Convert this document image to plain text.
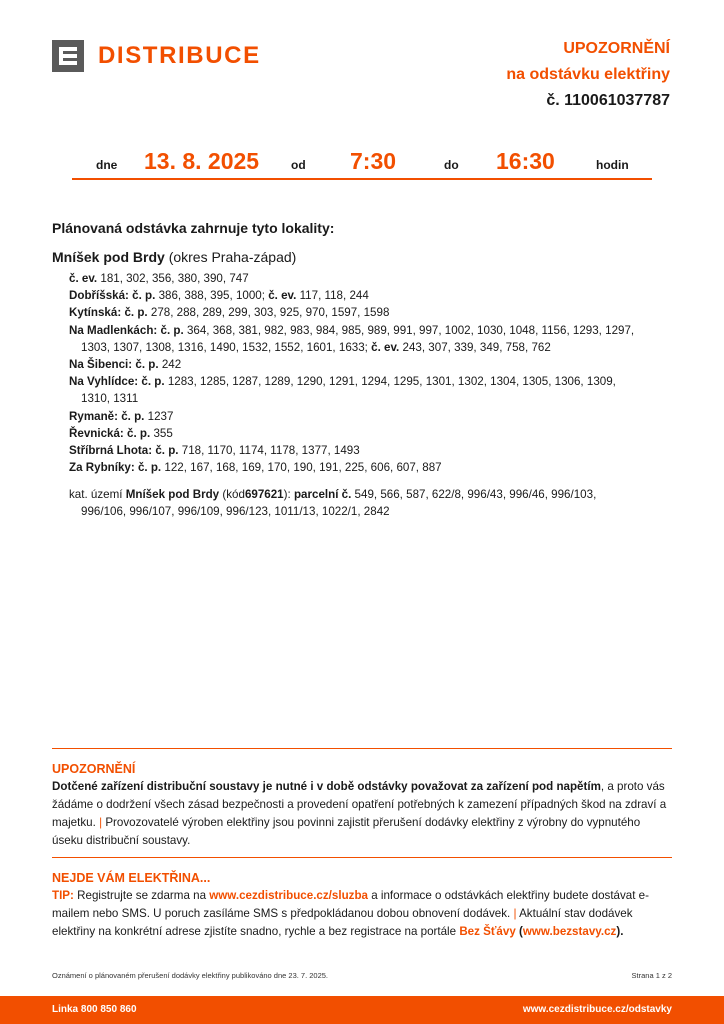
DISTRIBUCE	UPOZORNĚNÍ
na odstávku elektřiny
č. 110061037787
dne 13. 8. 2025	od 7:30	do 16:30	hodin
Plánovaná odstávka zahrnuje tyto lokality:
Mníšek pod Brdy (okres Praha-západ)
č. ev. 181, 302, 356, 380, 390, 747
Dobříšská: č. p. 386, 388, 395, 1000; č. ev. 117, 118, 244
Kytínská: č. p. 278, 288, 289, 299, 303, 925, 970, 1597, 1598
Na Madlenkách: č. p. 364, 368, 381, 982, 983, 984, 985, 989, 991, 997, 1002, 1030, 1048, 1156, 1293, 1297,
1303, 1307, 1308, 1316, 1490, 1532, 1552, 1601, 1633; č. ev. 243, 307, 339, 349, 758, 762
Na Šibenci: č. p. 242
Na Vyhlídce: č. p. 1283, 1285, 1287, 1289, 1290, 1291, 1294, 1295, 1301, 1302, 1304, 1305, 1306, 1309,
1310, 1311
Rymaně: č. p. 1237
Řevnická: č. p. 355
Stříbrná Lhota: č. p. 718, 1170, 1174, 1178, 1377, 1493
Za Rybníky: č. p. 122, 167, 168, 169, 170, 190, 191, 225, 606, 607, 887
kat. území Mníšek pod Brdy (kód697621): parcelní č. 549, 566, 587, 622/8, 996/43, 996/46, 996/103,
996/106, 996/107, 996/109, 996/123, 1011/13, 1022/1, 2842
UPOZORNĚNÍ
Dotčené zařízení distribuční soustavy je nutné i v době odstávky považovat za zařízení pod napětím, a proto vás žádáme o dodržení všech zásad bezpečnosti a provedení opatření potřebných k zamezení případných škod na zdraví a majetku. | Provozovatelé výroben elektřiny jsou povinni zajistit přerušení dodávky elektřiny z výrobny do vypnutého úseku distribuční soustavy.
NEJDE VÁM ELEKTŘINA...
TIP: Registrujte se zdarma na www.cezdistribuce.cz/sluzba a informace o odstávkách elektřiny budete dostávat e-mailem nebo SMS. U poruch zasíláme SMS s předpokládanou dobou obnovení dodávek. | Aktuální stav dodávek elektřiny na konkrétní adrese zjistíte snadno, rychle a bez registrace na portále Bez Šťávy (www.bezstavy.cz).
Oznámení o plánovaném přerušení dodávky elektřiny publikováno dne 23. 7. 2025.	Strana 1 z 2
Linka 800 850 860	www.cezdistribuce.cz/odstavky
